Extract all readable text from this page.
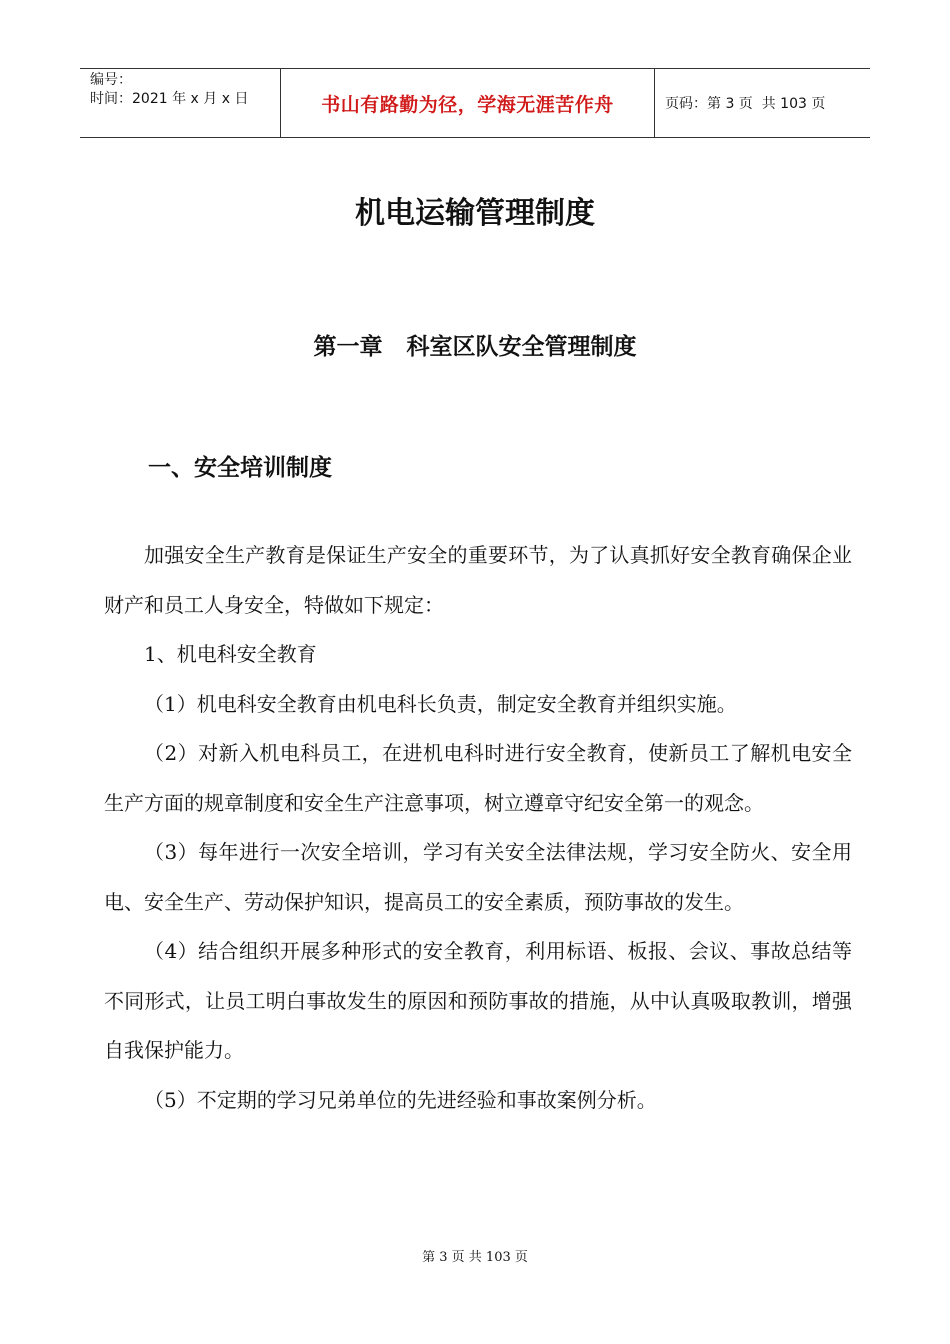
编号：
时间：2021 年 x 月 x 日	书山有路勤为径，学海无涯苦作舟	页码：第 3 页  共 103 页
机电运输管理制度
第一章   科室区队安全管理制度
一、安全培训制度

加强安全生产教育是保证生产安全的重要环节，为了认真抓好安全教育确保企业财产和员工人身安全，特做如下规定：

1、机电科安全教育

（1）机电科安全教育由机电科长负责，制定安全教育并组织实施。

（2）对新入机电科员工，在进机电科时进行安全教育，使新员工了解机电安全生产方面的规章制度和安全生产注意事项，树立遵章守纪安全第一的观念。

（3）每年进行一次安全培训，学习有关安全法律法规，学习安全防火、安全用电、安全生产、劳动保护知识，提高员工的安全素质，预防事故的发生。

（4）结合组织开展多种形式的安全教育，利用标语、板报、会议、事故总结等不同形式，让员工明白事故发生的原因和预防事故的措施，从中认真吸取教训，增强自我保护能力。

（5）不定期的学习兄弟单位的先进经验和事故案例分析。

第 3 页 共 103 页
